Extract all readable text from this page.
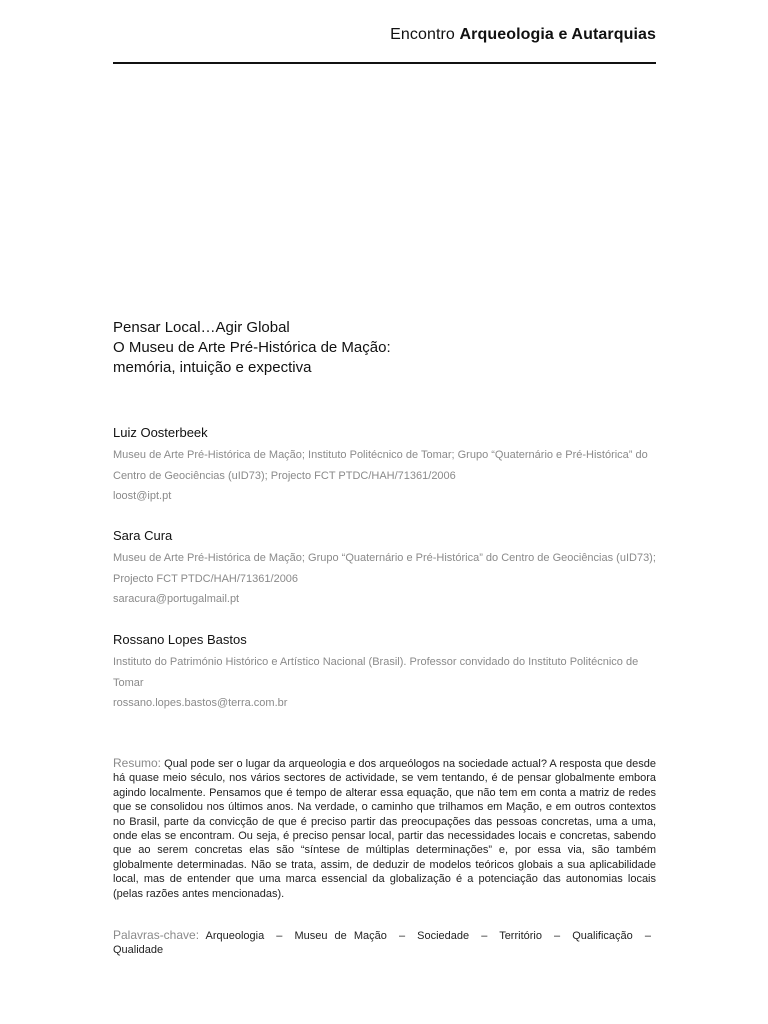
Encontro Arqueologia e Autarquias
Pensar Local…Agir Global
O Museu de Arte Pré-Histórica de Mação:
memória, intuição e expectiva
Luiz Oosterbeek
Museu de Arte Pré-Histórica de Mação; Instituto Politécnico de Tomar; Grupo “Quaternário e Pré-Histórica” do Centro de Geociências (uID73); Projecto FCT PTDC/HAH/71361/2006
loost@ipt.pt
Sara Cura
Museu de Arte Pré-Histórica de Mação; Grupo “Quaternário e Pré-Histórica” do Centro de Geociências (uID73); Projecto FCT PTDC/HAH/71361/2006
saracura@portugalmail.pt
Rossano Lopes Bastos
Instituto do Património Histórico e Artístico Nacional (Brasil). Professor convidado do Instituto Politécnico de Tomar
rossano.lopes.bastos@terra.com.br
Resumo: Qual pode ser o lugar da arqueologia e dos arqueólogos na sociedade actual? A resposta que desde há quase meio século, nos vários sectores de actividade, se vem tentando, é de pensar globalmente embora agindo localmente. Pensamos que é tempo de alterar essa equação, que não tem em conta a matriz de redes que se consolidou nos últimos anos. Na verdade, o caminho que trilhamos em Mação, e em outros contextos no Brasil, parte da convicção de que é preciso partir das preocupações das pessoas concretas, uma a uma, onde elas se encontram. Ou seja, é preciso pensar local, partir das necessidades locais e concretas, sabendo que ao serem concretas elas são “síntese de múltiplas determinações” e, por essa via, são também globalmente determinadas. Não se trata, assim, de deduzir de modelos teóricos globais a sua aplicabilidade local, mas de entender que uma marca essencial da globalização é a potenciação das autonomias locais (pelas razões antes mencionadas).
Palavras-chave: Arqueologia – Museu de Mação – Sociedade – Território – Qualificação – Qualidade
